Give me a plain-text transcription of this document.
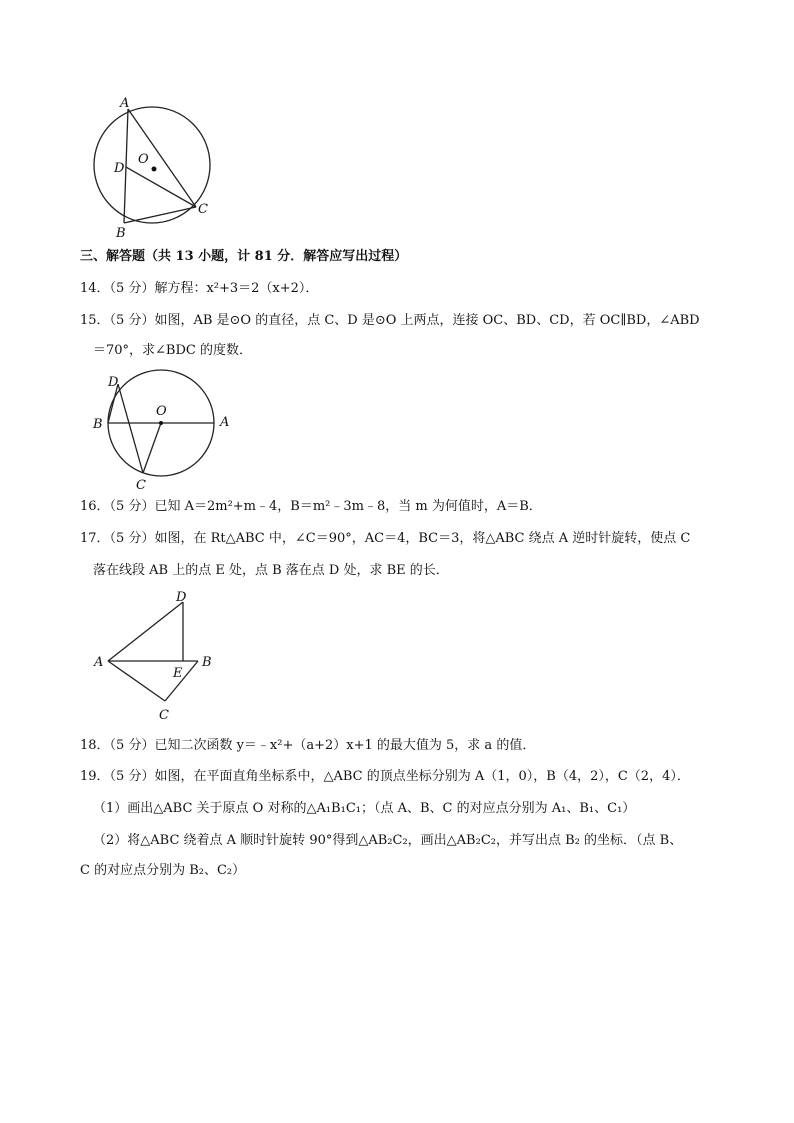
A
D
O
B
C
三、解答题（共 13 小题，计 81 分．解答应写出过程）
14．（5 分）解方程：x²+3＝2（x+2）．
15．（5 分）如图，AB 是⊙O 的直径，点 C、D 是⊙O 上两点，连接 OC、BD、CD，若 OC∥BD，∠ABD
＝70°，求∠BDC 的度数．
D
O
B	A
C
16．（5 分）已知 A＝2m²+m﹣4，B＝m²﹣3m﹣8，当 m 为何值时，A＝B．
17．（5 分）如图，在 Rt△ABC 中，∠C＝90°，AC＝4，BC＝3，将△ABC 绕点 A 逆时针旋转，使点 C
落在线段 AB 上的点 E 处，点 B 落在点 D 处，求 BE 的长．
D
A
E
B
C
18．（5 分）已知二次函数 y＝﹣x²+（a+2）x+1 的最大值为 5，求 a 的值．
19．（5 分）如图，在平面直角坐标系中，△ABC 的顶点坐标分别为 A（1，0），B（4，2），C（2，4）．
（1）画出△ABC 关于原点 O 对称的△A₁B₁C₁；（点 A、B、C 的对应点分别为 A₁、B₁、C₁）
（2）将△ABC 绕着点 A 顺时针旋转 90°得到△AB₂C₂，画出△AB₂C₂，并写出点 B₂ 的坐标．（点 B、
C 的对应点分别为 B₂、C₂）
